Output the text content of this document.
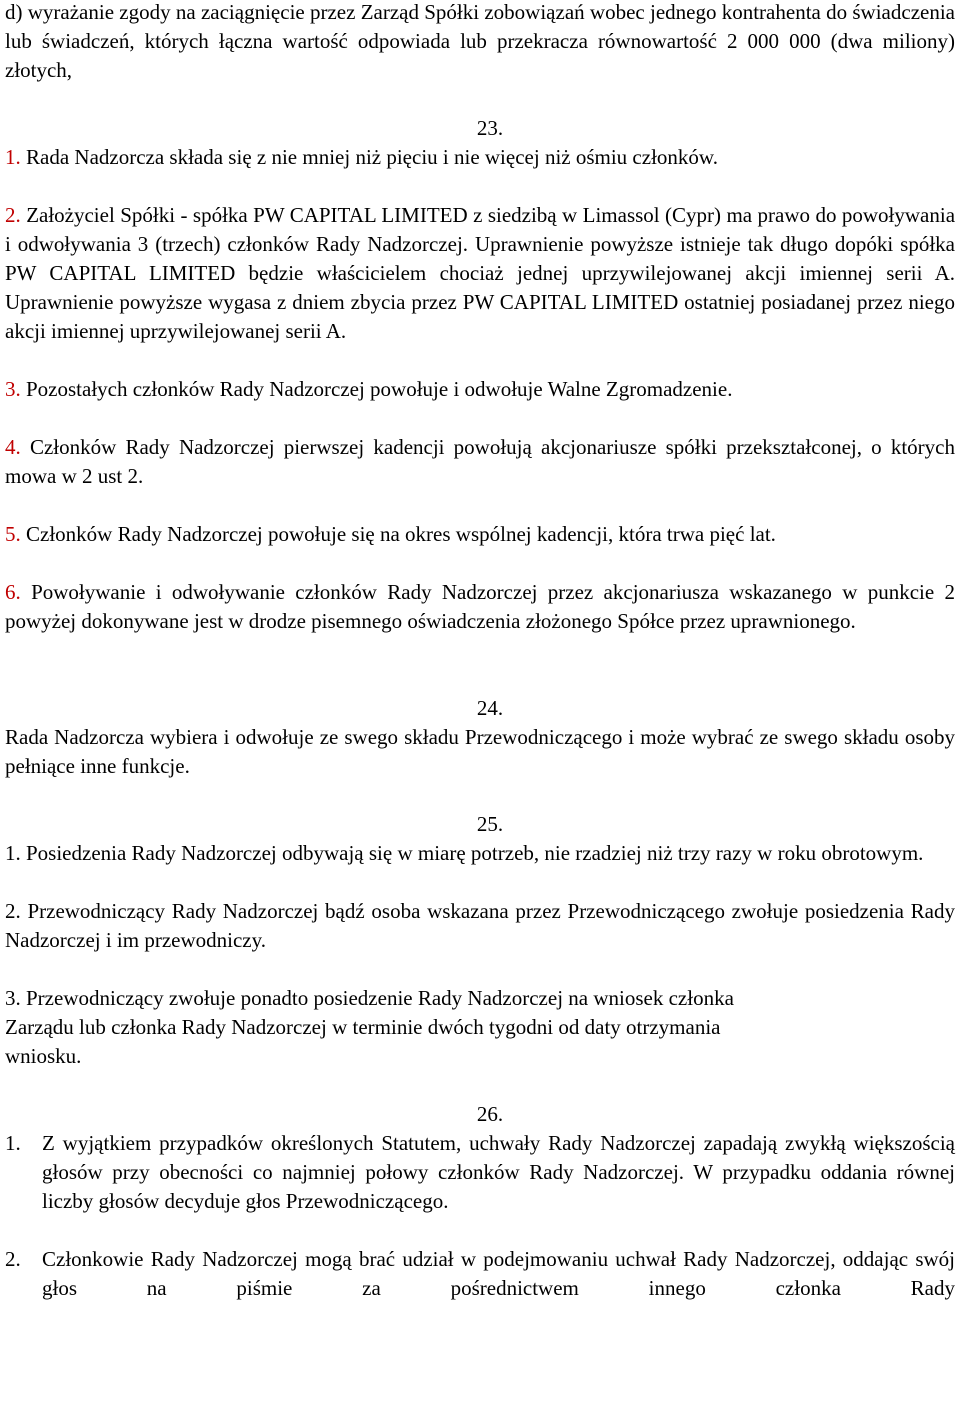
d) wyrażanie zgody na zaciągnięcie przez Zarząd Spółki zobowiązań wobec jednego kontrahenta do świadczenia lub świadczeń, których łączna wartość odpowiada lub przekracza równowartość 2 000 000 (dwa miliony) złotych,

23.

1. Rada Nadzorcza składa się z nie mniej niż pięciu i nie więcej niż ośmiu członków.

2. Założyciel Spółki - spółka PW CAPITAL LIMITED z siedzibą w Limassol (Cypr) ma prawo do powoływania i odwoływania 3 (trzech) członków Rady Nadzorczej. Uprawnienie powyższe istnieje tak długo dopóki spółka PW CAPITAL LIMITED będzie właścicielem chociaż jednej uprzywilejowanej akcji imiennej serii A. Uprawnienie powyższe wygasa z dniem zbycia przez PW CAPITAL LIMITED ostatniej posiadanej przez niego akcji imiennej uprzywilejowanej serii A.

3. Pozostałych członków Rady Nadzorczej powołuje i odwołuje Walne Zgromadzenie.

4. Członków Rady Nadzorczej pierwszej kadencji powołują akcjonariusze spółki przekształconej, o których mowa w 2 ust 2.

5. Członków Rady Nadzorczej powołuje się na okres wspólnej kadencji, która trwa pięć lat.

6. Powoływanie i odwoływanie członków Rady Nadzorczej przez akcjonariusza wskazanego w punkcie 2 powyżej dokonywane jest w drodze pisemnego oświadczenia złożonego Spółce przez uprawnionego.

24.

Rada Nadzorcza wybiera i odwołuje ze swego składu Przewodniczącego i może wybrać ze swego składu osoby pełniące inne funkcje.

25.

1. Posiedzenia Rady Nadzorczej odbywają się w miarę potrzeb, nie rzadziej niż trzy razy w roku obrotowym.

2. Przewodniczący Rady Nadzorczej bądź osoba wskazana przez Przewodniczącego zwołuje posiedzenia Rady Nadzorczej i im przewodniczy.

3. Przewodniczący zwołuje ponadto posiedzenie Rady Nadzorczej na wniosek członka
Zarządu lub członka Rady Nadzorczej w terminie dwóch tygodni od daty otrzymania
wniosku.

26.

1.	Z wyjątkiem przypadków określonych Statutem, uchwały Rady Nadzorczej zapadają zwykłą większością głosów przy obecności co najmniej połowy członków Rady Nadzorczej. W przypadku oddania równej liczby głosów decyduje głos Przewodniczącego.
2.	Członkowie Rady Nadzorczej mogą brać udział w podejmowaniu uchwał Rady Nadzorczej, oddając swój głos na piśmie za pośrednictwem innego członka Rady
